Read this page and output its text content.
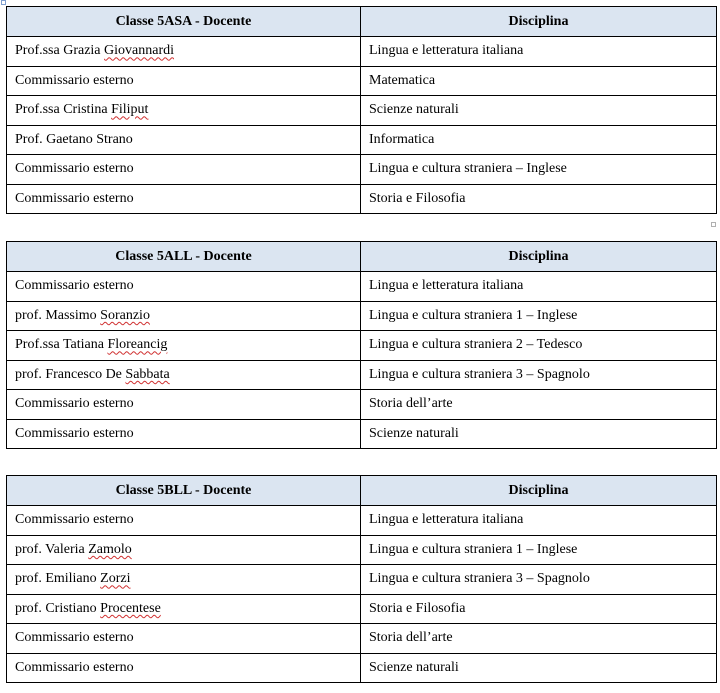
Classe 5ASA - Docente	Disciplina
Prof.ssa Grazia Giovannardi	Lingua e letteratura italiana
Commissario esterno	Matematica
Prof.ssa Cristina Filiput	Scienze naturali
Prof. Gaetano Strano	Informatica
Commissario esterno	Lingua e cultura straniera – Inglese
Commissario esterno	Storia e Filosofia
Classe 5ALL - Docente	Disciplina
Commissario esterno	Lingua e letteratura italiana
prof. Massimo Soranzio	Lingua e cultura straniera 1 – Inglese
Prof.ssa Tatiana Floreancig	Lingua e cultura straniera 2 – Tedesco
prof. Francesco De Sabbata	Lingua e cultura straniera 3 – Spagnolo
Commissario esterno	Storia dell’arte
Commissario esterno	Scienze naturali
Classe 5BLL - Docente	Disciplina
Commissario esterno	Lingua e letteratura italiana
prof. Valeria Zamolo	Lingua e cultura straniera 1 – Inglese
prof. Emiliano Zorzi	Lingua e cultura straniera 3 – Spagnolo
prof. Cristiano Procentese	Storia e Filosofia
Commissario esterno	Storia dell’arte
Commissario esterno	Scienze naturali
